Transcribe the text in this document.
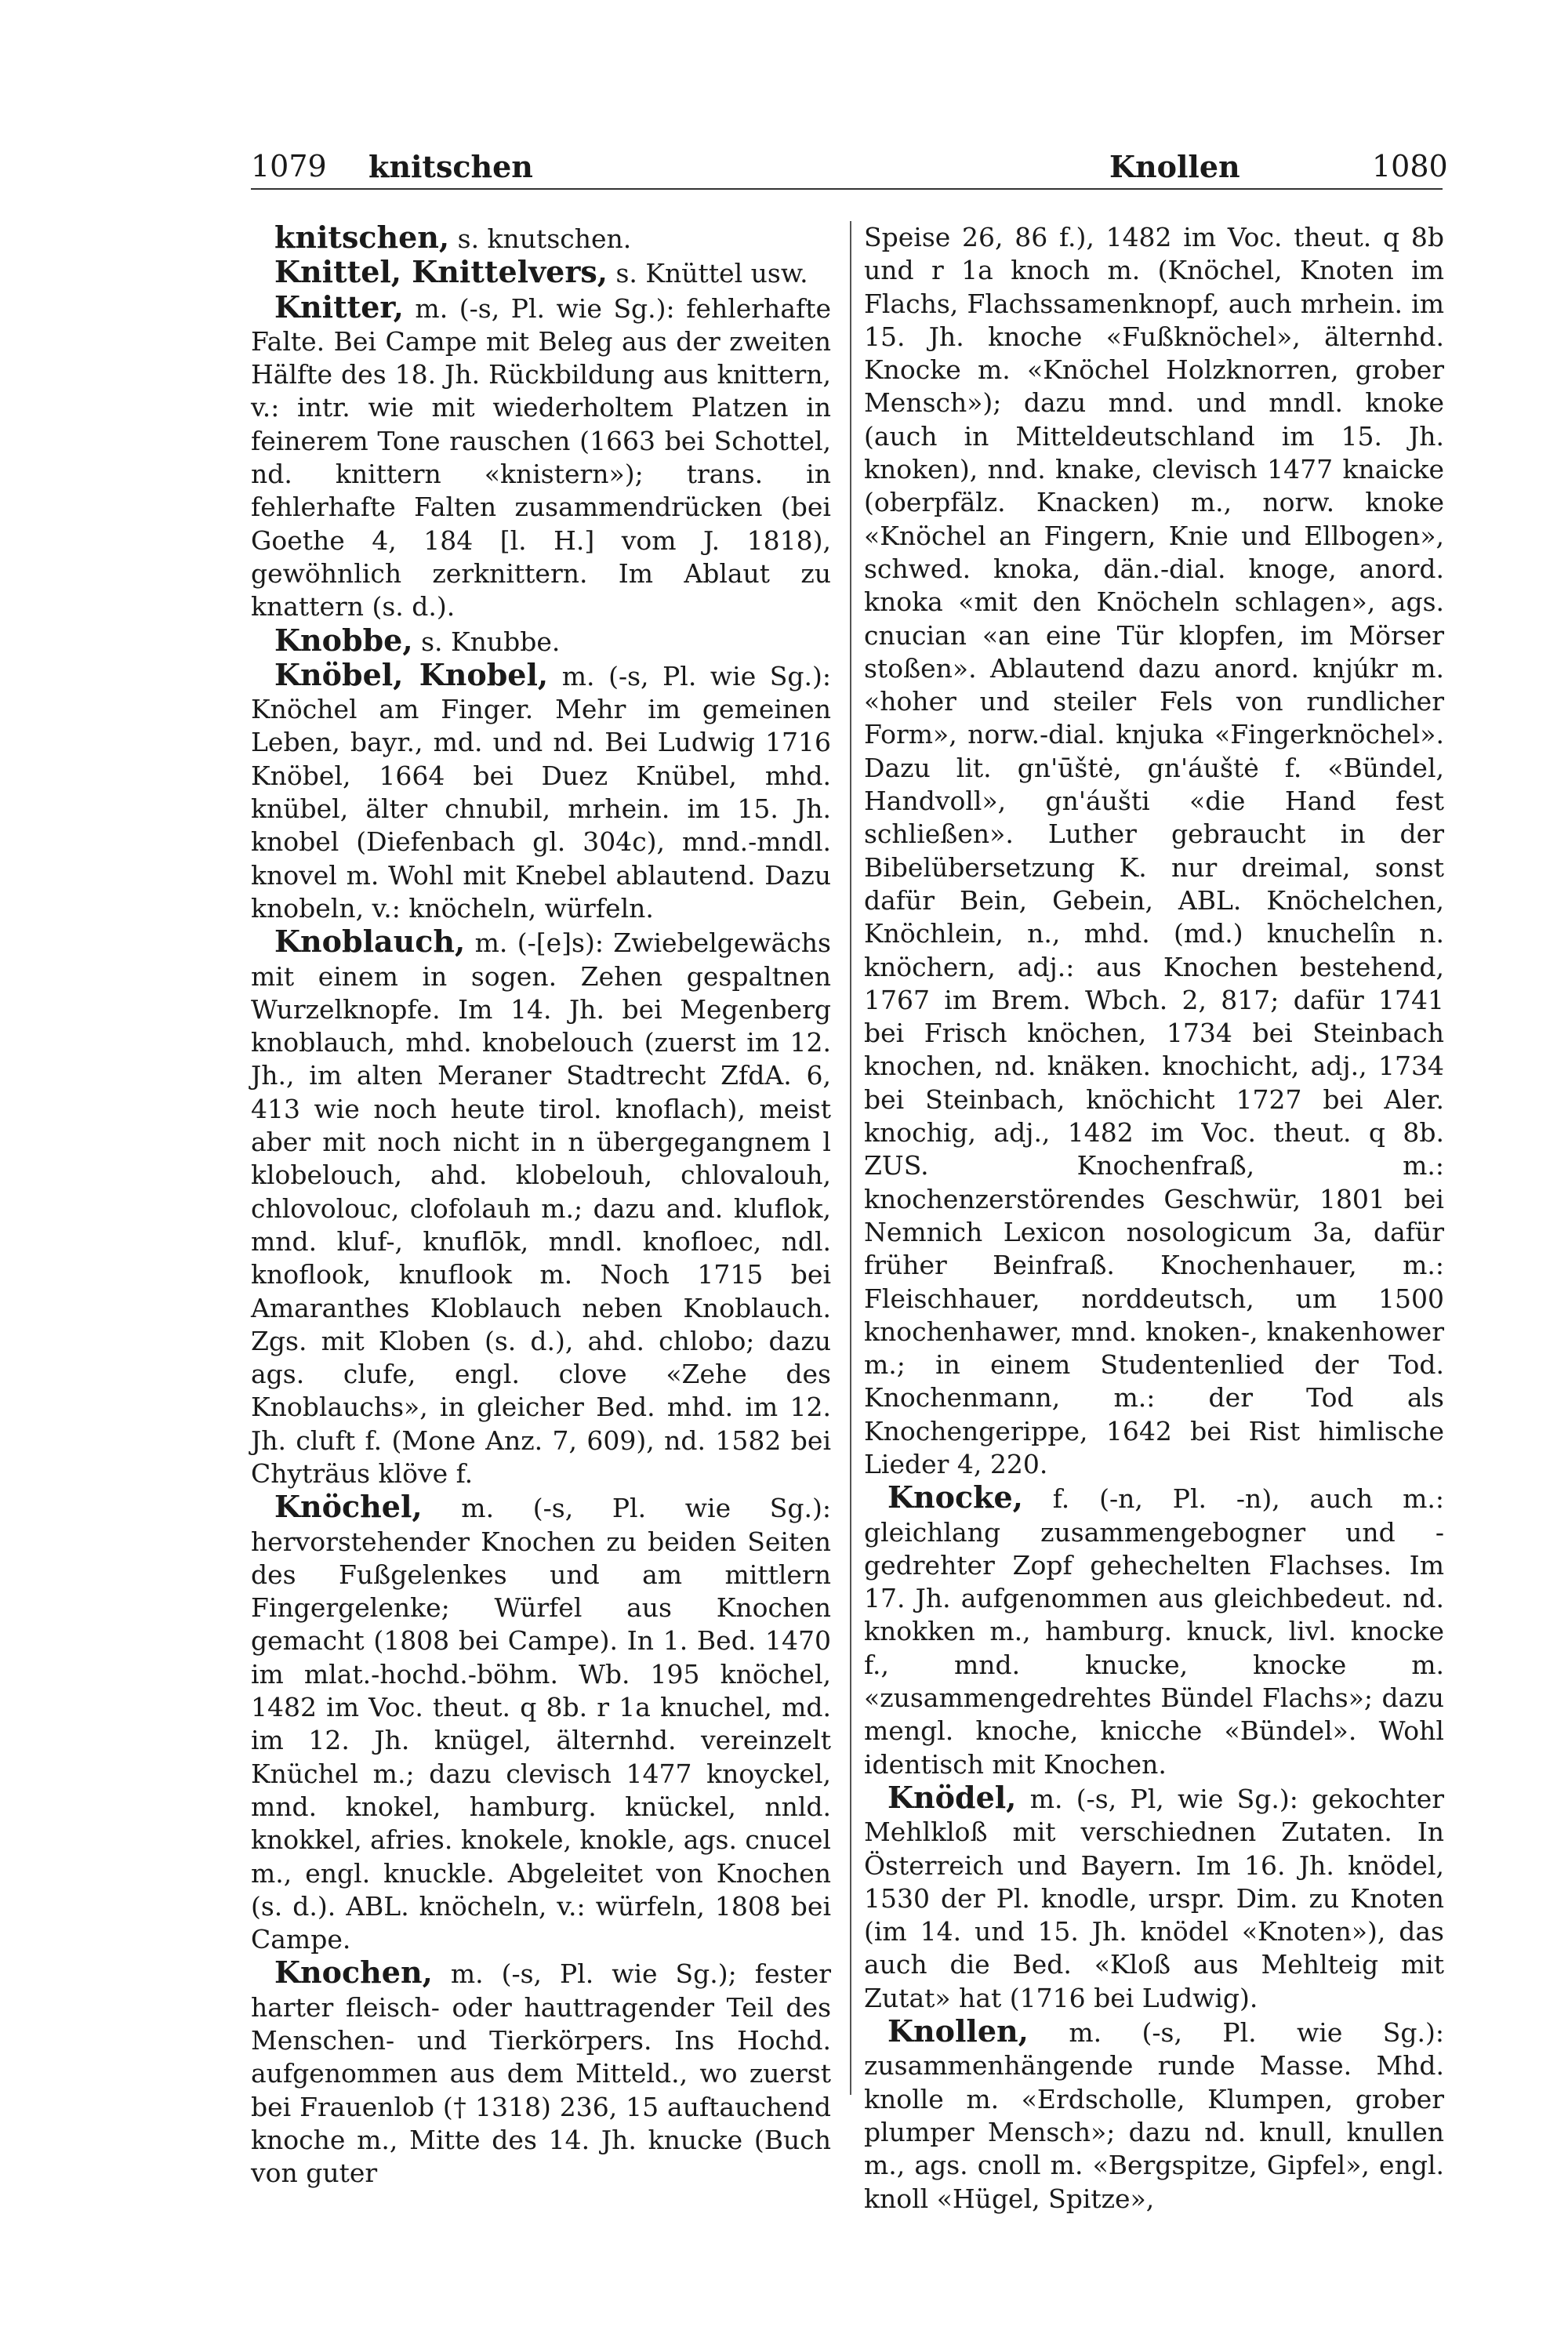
1079 knitschen	Knollen	1080

knitschen, s. knutschen.

Knittel, Knittelvers, s. Knüttel usw.

Knitter, m. (-s, Pl. wie Sg.): fehlerhafte Falte. Bei Campe mit Beleg aus der zweiten Hälfte des 18. Jh. Rückbildung aus knittern, v.: intr. wie mit wiederholtem Platzen in feinerem Tone rauschen (1663 bei Schottel, nd. knittern «knistern»); trans. in fehlerhafte Falten zusammendrücken (bei Goethe 4, 184 [l. H.] vom J. 1818), gewöhnlich zerknittern. Im Ablaut zu knattern (s. d.).

Knobbe, s. Knubbe.

Knöbel, Knobel, m. (-s, Pl. wie Sg.): Knöchel am Finger. Mehr im gemeinen Leben, bayr., md. und nd. Bei Ludwig 1716 Knöbel, 1664 bei Duez Knübel, mhd. knübel, älter chnubil, mrhein. im 15. Jh. knobel (Diefenbach gl. 304c), mnd.-mndl. knovel m. Wohl mit Knebel ablautend. Dazu knobeln, v.: knöcheln, würfeln.

Knoblauch, m. (-[e]s): Zwiebelgewächs mit einem in sogen. Zehen gespaltnen Wurzelknopfe. Im 14. Jh. bei Megenberg knoblauch, mhd. knobelouch (zuerst im 12. Jh., im alten Meraner Stadtrecht ZfdA. 6, 413 wie noch heute tirol. knoflach), meist aber mit noch nicht in n übergegangnem l klobelouch, ahd. klobelouh, chlovalouh, chlovolouc, clofolauh m.; dazu and. kluflok, mnd. kluf-, knuflōk, mndl. knofloec, ndl. knoflook, knuflook m. Noch 1715 bei Amaranthes Kloblauch neben Knoblauch. Zgs. mit Kloben (s. d.), ahd. chlobo; dazu ags. clufe, engl. clove «Zehe des Knoblauchs», in gleicher Bed. mhd. im 12. Jh. cluft f. (Mone Anz. 7, 609), nd. 1582 bei Chyträus klöve f.

Knöchel, m. (-s, Pl. wie Sg.): hervorstehender Knochen zu beiden Seiten des Fußgelenkes und am mittlern Fingergelenke; Würfel aus Knochen gemacht (1808 bei Campe). In 1. Bed. 1470 im mlat.-hochd.-böhm. Wb. 195 knöchel, 1482 im Voc. theut. q 8b. r 1a knuchel, md. im 12. Jh. knügel, älternhd. vereinzelt Knüchel m.; dazu clevisch 1477 knoyckel, mnd. knokel, hamburg. knückel, nnld. knokkel, afries. knokele, knokle, ags. cnucel m., engl. knuckle. Abgeleitet von Knochen (s. d.). ABL. knöcheln, v.: würfeln, 1808 bei Campe.

Knochen, m. (-s, Pl. wie Sg.); fester harter fleisch- oder hauttragender Teil des Menschen- und Tierkörpers. Ins Hochd. aufgenommen aus dem Mitteld., wo zuerst bei Frauenlob († 1318) 236, 15 auftauchend knoche m., Mitte des 14. Jh. knucke (Buch von guter

Speise 26, 86 f.), 1482 im Voc. theut. q 8b und r 1a knoch m. (Knöchel, Knoten im Flachs, Flachssamenknopf, auch mrhein. im 15. Jh. knoche «Fußknöchel», älternhd. Knocke m. «Knöchel Holzknorren, grober Mensch»); dazu mnd. und mndl. knoke (auch in Mitteldeutschland im 15. Jh. knoken), nnd. knake, clevisch 1477 knaicke (oberpfälz. Knacken) m., norw. knoke «Knöchel an Fingern, Knie und Ellbogen», schwed. knoka, dän.-dial. knoge, anord. knoka «mit den Knöcheln schlagen», ags. cnucian «an eine Tür klopfen, im Mörser stoßen». Ablautend dazu anord. knjúkr m. «hoher und steiler Fels von rundlicher Form», norw.-dial. knjuka «Fingerknöchel». Dazu lit. gn'ūštė, gn'áuštė f. «Bündel, Handvoll», gn'áušti «die Hand fest schließen». Luther gebraucht in der Bibelübersetzung K. nur dreimal, sonst dafür Bein, Gebein, ABL. Knöchelchen, Knöchlein, n., mhd. (md.) knuchelîn n. knöchern, adj.: aus Knochen bestehend, 1767 im Brem. Wbch. 2, 817; dafür 1741 bei Frisch knöchen, 1734 bei Steinbach knochen, nd. knäken. knochicht, adj., 1734 bei Steinbach, knöchicht 1727 bei Aler. knochig, adj., 1482 im Voc. theut. q 8b. ZUS. Knochenfraß, m.: knochenzerstörendes Geschwür, 1801 bei Nemnich Lexicon nosologicum 3a, dafür früher Beinfraß. Knochenhauer, m.: Fleischhauer, norddeutsch, um 1500 knochenhawer, mnd. knoken-, knakenhower m.; in einem Studentenlied der Tod. Knochenmann, m.: der Tod als Knochengerippe, 1642 bei Rist himlische Lieder 4, 220.

Knocke, f. (-n, Pl. -n), auch m.: gleichlang zusammengebogner und -gedrehter Zopf gehechelten Flachses. Im 17. Jh. aufgenommen aus gleichbedeut. nd. knokken m., hamburg. knuck, livl. knocke f., mnd. knucke, knocke m. «zusammengedrehtes Bündel Flachs»; dazu mengl. knoche, knicche «Bündel». Wohl identisch mit Knochen.

Knödel, m. (-s, Pl, wie Sg.): gekochter Mehlkloß mit verschiednen Zutaten. In Österreich und Bayern. Im 16. Jh. knödel, 1530 der Pl. knodle, urspr. Dim. zu Knoten (im 14. und 15. Jh. knödel «Knoten»), das auch die Bed. «Kloß aus Mehlteig mit Zutat» hat (1716 bei Ludwig).

Knollen, m. (-s, Pl. wie Sg.): zusammenhängende runde Masse. Mhd. knolle m. «Erdscholle, Klumpen, grober plumper Mensch»; dazu nd. knull, knullen m., ags. cnoll m. «Bergspitze, Gipfel», engl. knoll «Hügel, Spitze»,
